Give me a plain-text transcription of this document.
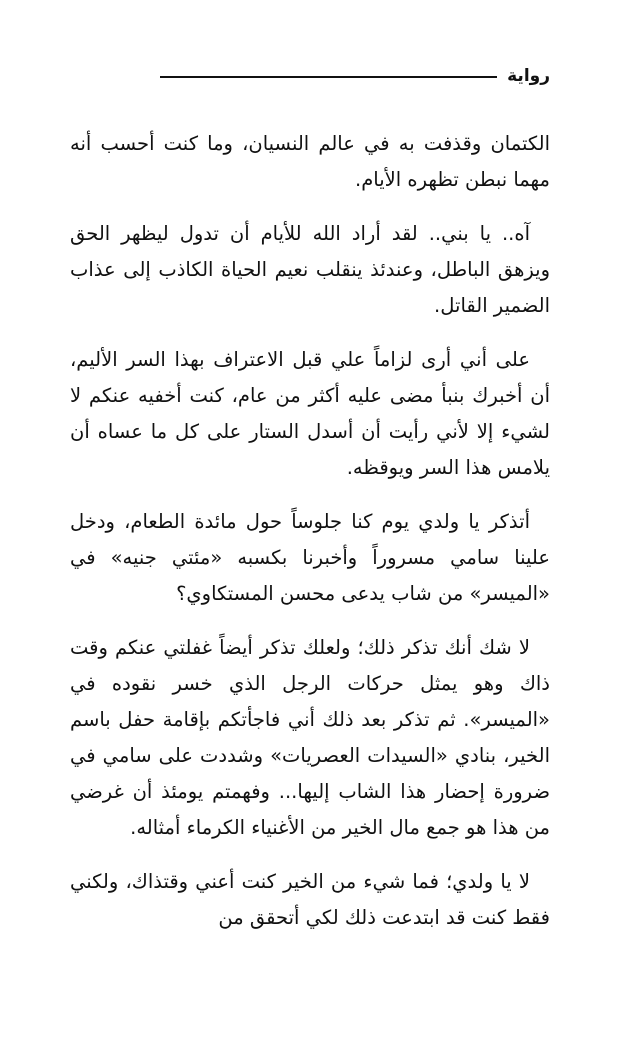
رواية

الكتمان وقذفت به في عالم النسيان، وما كنت أحسب أنه مهما نبطن تظهره الأيام.

آه.. يا بني.. لقد أراد الله للأيام أن تدول ليظهر الحق ويزهق الباطل، وعندئذ ينقلب نعيم الحياة الكاذب إلى عذاب الضمير القاتل.

على أني أرى لزاماً علي قبل الاعتراف بهذا السر الأليم، أن أخبرك بنبأ مضى عليه أكثر من عام، كنت أخفيه عنكم لا لشيء إلا لأني رأيت أن أسدل الستار على كل ما عساه أن يلامس هذا السر ويوقظه.

أتذكر يا ولدي يوم كنا جلوساً حول مائدة الطعام، ودخل علينا سامي مسروراً وأخبرنا بكسبه «مئتي جنيه» في «الميسر» من شاب يدعى محسن المستكاوي؟

لا شك أنك تذكر ذلك؛ ولعلك تذكر أيضاً غفلتي عنكم وقت ذاك وهو يمثل حركات الرجل الذي خسر نقوده في «الميسر». ثم تذكر بعد ذلك أني فاجأتكم بإقامة حفل باسم الخير، بنادي «السيدات العصريات» وشددت على سامي في ضرورة إحضار هذا الشاب إليها... وفهمتم يومئذ أن غرضي من هذا هو جمع مال الخير من الأغنياء الكرماء أمثاله.

لا يا ولدي؛ فما شيء من الخير كنت أعني وقتذاك، ولكني فقط كنت قد ابتدعت ذلك لكي أتحقق من
